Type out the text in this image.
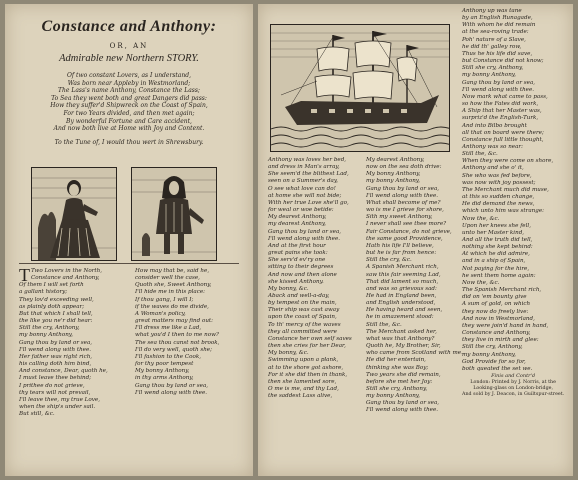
Constance and Anthony:
OR, AN
Admirable new Northern STORY.
Of two constant Lovers, as I understand,
Was born near Appleby in Westmorland;
The Lass's name Anthony, Constance the Lass;
To Sea they went both and great Dangers did pass:
How they suffer'd Shipwreck on the Coast of Spain,
For two Years divided, and then met again;
By wonderful Fortune and Care accident,
And now both live at Home with Joy and Content.
To the Tune of, I would thou wert in Shrewsbury.
T Two Lovers in the North,
Constance and Anthony,
Of them I will set forth
a gallant history;
They lov'd exceeding well,
as plainly doth appear;
But that which I shall tell,
the like you ne'r did hear:
Still the cry, Anthony,
my bonny Anthony,
Gang thou by land or sea,
I'll wend along with thee.
Her father was right rich,
his calling doth him bind,
And constance, Dear, quoth he,
I must leave thee behind;
I prithee do not grieve,
thy tears will not prevail,
I'll leave thee, my true Love,
when the ship's under sail.
But still, &c.
How may that be, said he,
consider well the case,
Quoth she, Sweet Anthony,
I'll hide me in this place:
If thou gang, I will I;
if the waves do me divide,
A Woman's policy,
great matters may find out:
I'll dress me like a Lad,
what you'd I then to me now?
The sea thou canst not brook,
I'll do very well, quoth she;
I'll fashion to the Cook,
for thy poor tempest
My bonny Anthony,
in thy arms Anthony,
Gang thou by land or sea,
I'll wend along with thee.
Anthony was loves her bed,
and dress in Man's array,
She seem'd the blithest Lad,
seen on a Summer's day,
O see what love can do!
at home she will not bide;
With her true Love she'll go,
for weal or woe betide:
My dearest Anthony,
my dearest Anthony,
Gang thou by land or sea,
I'll wend along with thee.
And at the first hour
great pains she took:
She serv'd ev'ry one
sitting to their degrees
And now and then alone
she kissed Anthony.
My bonny, &c.
Aback and well-a-day,
by tempest on the main,
Their ship was cast away
upon the coast of Spain,
To th' mercy of the waves
they all committed were
Constance her own self saves
then she cries for her Dear,
My bonny, &c.
Swimming upon a plank,
at to the shore got ashore,
For it she did then in thank,
then she lamented sore,
O me is me, and thy Lad,
the saddest Lass alive,
My dearest Anthony,
now on the sea doth drive:
My bonny Anthony,
my bonny Anthony,
Gang thou by land or sea,
I'll wend along with thee.
What shall become of me?
wo is me I grieve for shore,
Sith my sweet Anthony,
I never shall see thee more?
Fair Constance, do not grieve,
the same good Providence,
Hath his life I'll believe,
but he is far from hence:
Still the cry, &c.
A Spanish Merchant rich,
saw this fair seeming Lad,
That did lament so much,
and was so grievous sad:
He had in England been,
and English understood,
He having heard and seen,
he in amazement stood:
Still the, &c.
The Merchant asked her,
what was that Anthony?
Quoth he, My Brother, Sir,
who came from Scotland with me.
He did her entertain,
thinking she was Boy;
Two years she did remain,
before she met her Joy:
Still she cry, Anthony,
my bonny Anthony,
Gang thou by land or sea,
I'll wend along with thee.
Anthony up was tane
by an English Runagade,
With whom he did remain
at the sea-roving trade:
Poh' nature of a Slave,
he did th' galley row,
Thus he his life did save,
but Constance did not know;
Still she cry, Anthony,
my bonny Anthony,
Gang thou by land or sea,
I'll wend along with thee.
Now mark what came to pass,
so how the Fates did work,
A Ship that her Master was,
surpriz'd the English-Turk,
And into Bilbo brought
all that on board were there;
Constance full little thought,
Anthony was so near:
Still the, &c.
When they were come on shore,
Anthony and she o' it,
She who was fed before,
was now with joy possest;
The Merchant much did muse,
at this so sudden change,
He did demand the news,
which unto him was strange:
Now the, &c.
Upon her knees she fell,
unto her Master kind,
And all the truth did tell,
nothing she kept behind:
At which he did admire,
and in a ship of Spain,
Not paying for the hire,
he sent them home again:
Now the, &c.
The Spanish Merchant rich,
did on 'em bounty give
A sum of gold, on which
they now do freely live:
And now in Westmorland,
they were join'd hand in hand,
Constance and Anthony,
they live in mirth and glee:
Still the cry, Anthony,
my bonny Anthony,
God Provide for so for,
both queated the set we.
Finis and Contr'd
London: Printed by J. Norris, at the
Looking-glass on London-bridge,
And sold by J. Deacon, in Guiltspur-street.
